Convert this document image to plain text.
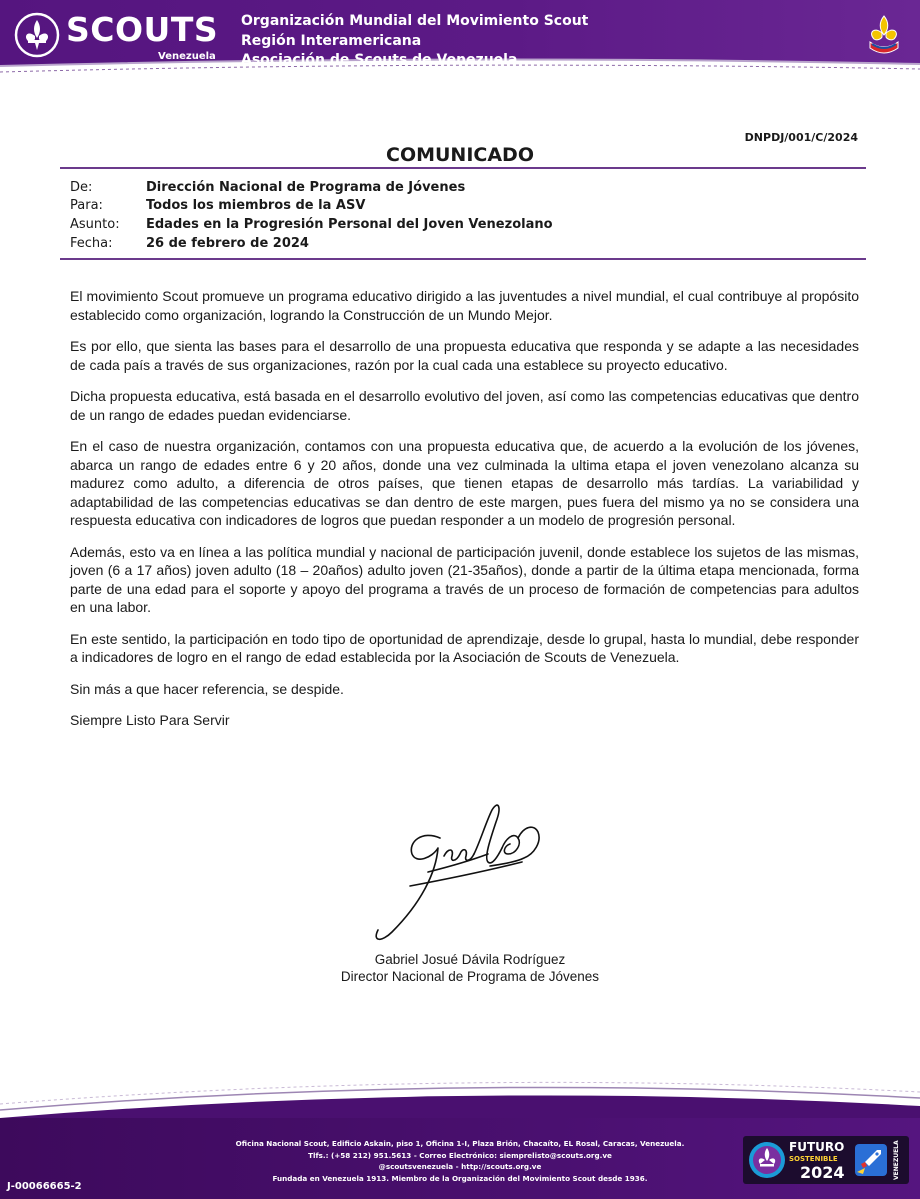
SCOUTS
Venezuela
Organización Mundial del Movimiento Scout
Región Interamericana
Asociación de Scouts de Venezuela
DNPDJ/001/C/2024
COMUNICADO
De:	Dirección Nacional de Programa de Jóvenes
Para:	Todos los miembros de la ASV
Asunto:	Edades en la Progresión Personal del Joven Venezolano
Fecha:	26 de febrero de 2024

El movimiento Scout promueve un programa educativo dirigido a las juventudes a nivel mundial, el cual contribuye al propósito establecido como organización, logrando la Construcción de un Mundo Mejor.

Es por ello, que sienta las bases para el desarrollo de una propuesta educativa que responda y se adapte a las necesidades de cada país a través de sus organizaciones, razón por la cual cada una establece su proyecto educativo.

Dicha propuesta educativa, está basada en el desarrollo evolutivo del joven, así como las competencias educativas que dentro de un rango de edades puedan evidenciarse.

En el caso de nuestra organización, contamos con una propuesta educativa que, de acuerdo a la evolución de los jóvenes, abarca un rango de edades entre 6 y 20 años, donde una vez culminada la ultima etapa el joven venezolano alcanza su madurez como adulto, a diferencia de otros países, que tienen etapas de desarrollo más tardías. La variabilidad y adaptabilidad de las competencias educativas se dan dentro de este margen, pues fuera del mismo ya no se considera una respuesta educativa con indicadores de logros que puedan responder a un modelo de progresión personal.

Además, esto va en línea a las política mundial y nacional de participación juvenil, donde establece los sujetos de las mismas, joven (6 a 17 años) joven adulto (18 – 20años) adulto joven (21-35años), donde a partir de la última etapa mencionada, forma parte de una edad para el soporte y apoyo del programa a través de un proceso de formación de competencias para adultos en una labor.

En este sentido, la participación en todo tipo de oportunidad de aprendizaje, desde lo grupal, hasta lo mundial, debe responder a indicadores de logro en el rango de edad establecida por la Asociación de Scouts de Venezuela.

Sin más a que hacer referencia, se despide.

Siempre Listo Para Servir

Gabriel Josué Dávila Rodríguez
Director Nacional de Programa de Jóvenes
Oficina Nacional Scout, Edificio Askain, piso 1, Oficina 1-I, Plaza Brión, Chacaíto, EL Rosal, Caracas, Venezuela.
Tlfs.: (+58 212) 951.5613 - Correo Electrónico: siemprelisto@scouts.org.ve
@scoutsvenezuela - http://scouts.org.ve
Fundada en Venezuela 1913. Miembro de la Organización del Movimiento Scout desde 1936.
J-00066665-2
FUTURO
SOSTENIBLE
2024	VENEZUELA
